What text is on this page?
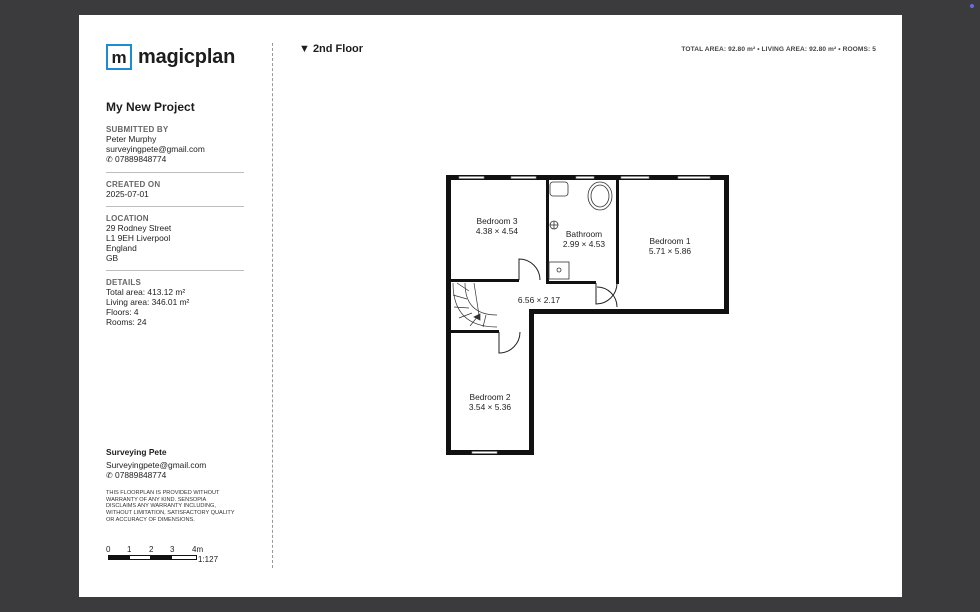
m magicplan
My New Project
SUBMITTED BY
Peter Murphy
surveyingpete@gmail.com
✆ 07889848774
CREATED ON
2025-07-01
LOCATION
29 Rodney Street
L1 9EH Liverpool
England
GB
DETAILS
Total area: 413.12 m²
Living area: 346.01 m²
Floors: 4
Rooms: 24
Surveying Pete
Surveyingpete@gmail.com
✆ 07889848774
THIS FLOORPLAN IS PROVIDED WITHOUT WARRANTY OF ANY KIND. SENSOPIA DISCLAIMS ANY WARRANTY INCLUDING, WITHOUT LIMITATION, SATISFACTORY QUALITY OR ACCURACY OF DIMENSIONS.
0 1 2 3 4m
1:127
▼ 2nd Floor	TOTAL AREA: 92.80 m² • LIVING AREA: 92.80 m² • ROOMS: 5
Bedroom 3
4.38 × 4.54	Bathroom
2.99 × 4.53	Bedroom 1
5.71 × 5.86
6.56 × 2.17
Bedroom 2
3.54 × 5.36
